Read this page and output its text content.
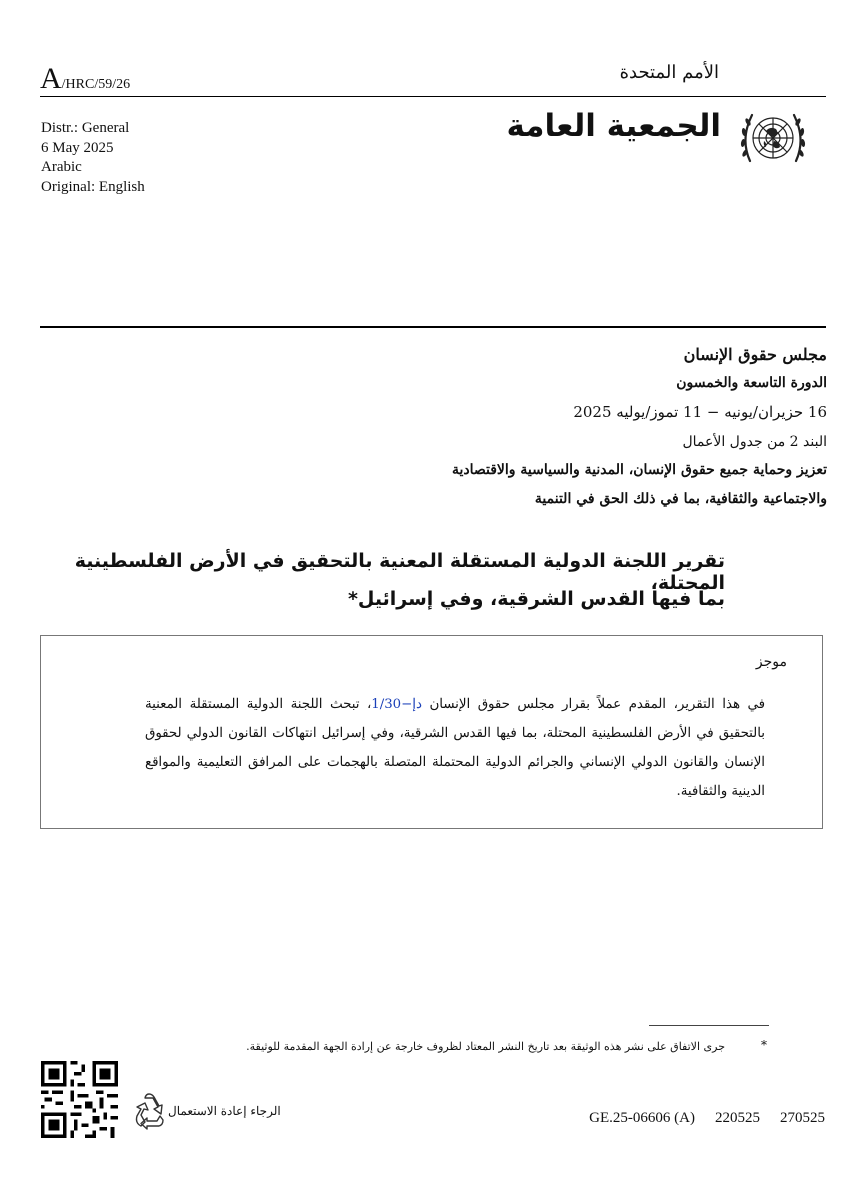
A/HRC/59/26
الأمم المتحدة
الجمعية العامة
Distr.: General
6 May 2025
Arabic
Original: English
مجلس حقوق الإنسان
الدورة التاسعة والخمسون
16 حزيران/يونيه − 11 تموز/يوليه 2025
البند 2 من جدول الأعمال
تعزيز وحماية جميع حقوق الإنسان، المدنية والسياسية والاقتصادية
والاجتماعية والثقافية، بما في ذلك الحق في التنمية
تقرير اللجنة الدولية المستقلة المعنية بالتحقيق في الأرض الفلسطينية المحتلة،
بما فيها القدس الشرقية، وفي إسرائيل*
موجز
في هذا التقرير، المقدم عملاً بقرار مجلس حقوق الإنسان دإ−1/30، تبحث اللجنة الدولية المستقلة المعنية بالتحقيق في الأرض الفلسطينية المحتلة، بما فيها القدس الشرقية، وفي إسرائيل انتهاكات القانون الدولي لحقوق الإنسان والقانون الدولي الإنساني والجرائم الدولية المحتملة المتصلة بالهجمات على المرافق التعليمية والمواقع الدينية والثقافية.
*
جرى الاتفاق على نشر هذه الوثيقة بعد تاريخ النشر المعتاد لظروف خارجة عن إرادة الجهة المقدمة للوثيقة.
الرجاء إعادة الاستعمال	GE.25-06606 (A) 220525 270525
